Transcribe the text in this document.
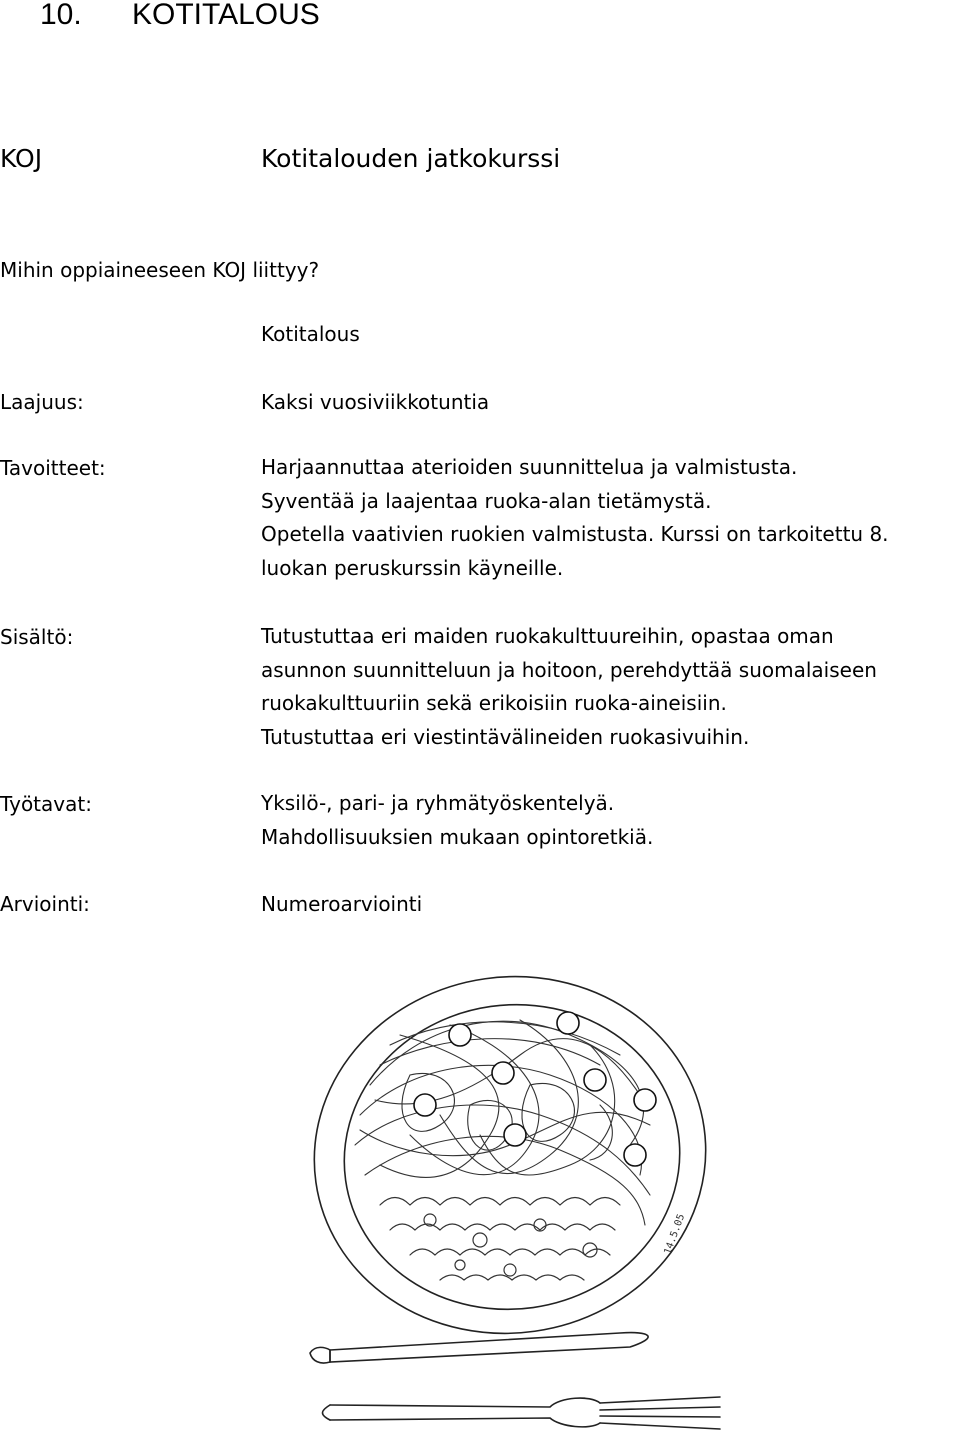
10. KOTITALOUS
KOJ	Kotitalouden jatkokurssi
Mihin oppiaineeseen KOJ liittyy?
Kotitalous
Laajuus:	Kaksi vuosiviikkotuntia
Tavoitteet:	Harjaannuttaa aterioiden suunnittelua ja valmistusta.
Syventää ja laajentaa ruoka-alan tietämystä.
Opetella vaativien ruokien valmistusta. Kurssi on tarkoitettu 8.
luokan peruskurssin käyneille.
Sisältö:	Tutustuttaa eri maiden ruokakulttuureihin, opastaa oman
asunnon suunnitteluun ja hoitoon, perehdyttää suomalaiseen
ruokakulttuuriin sekä erikoisiin ruoka-aineisiin.
Tutustuttaa eri viestintävälineiden ruokasivuihin.
Työtavat:	Yksilö-, pari- ja ryhmätyöskentelyä.
Mahdollisuuksien mukaan opintoretkiä.
Arviointi:	Numeroarviointi
14.5.05
